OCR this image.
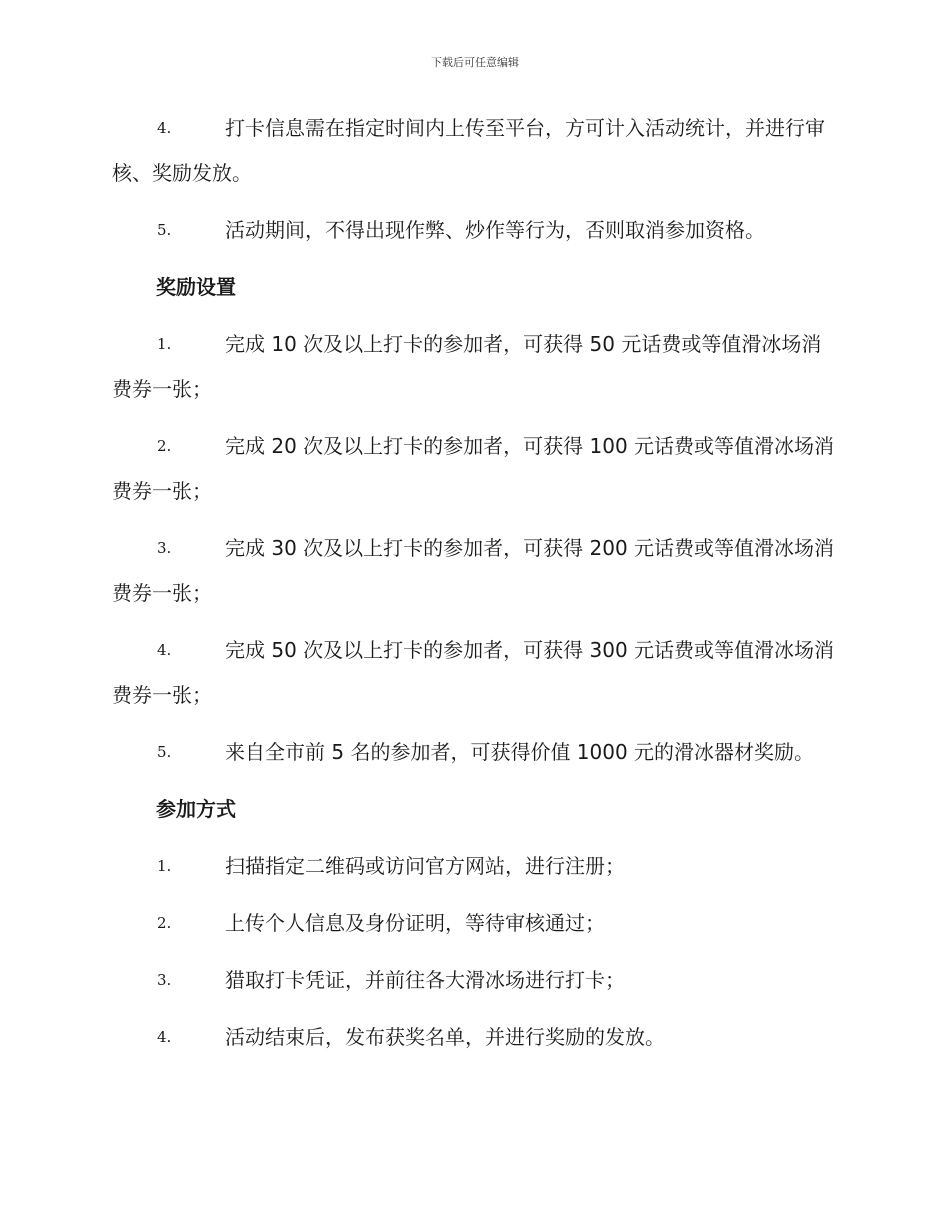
下载后可任意编辑
4.	打卡信息需在指定时间内上传至平台，方可计入活动统计，并进行审核、奖励发放。
5.	活动期间，不得出现作弊、炒作等行为，否则取消参加资格。
奖励设置
1.	完成 10 次及以上打卡的参加者，可获得 50 元话费或等值滑冰场消费券一张；
2.	完成 20 次及以上打卡的参加者，可获得 100 元话费或等值滑冰场消费券一张；
3.	完成 30 次及以上打卡的参加者，可获得 200 元话费或等值滑冰场消费券一张；
4.	完成 50 次及以上打卡的参加者，可获得 300 元话费或等值滑冰场消费券一张；
5.	来自全市前 5 名的参加者，可获得价值 1000 元的滑冰器材奖励。
参加方式
1.	扫描指定二维码或访问官方网站，进行注册；
2.	上传个人信息及身份证明，等待审核通过；
3.	猎取打卡凭证，并前往各大滑冰场进行打卡；
4.	活动结束后，发布获奖名单，并进行奖励的发放。
